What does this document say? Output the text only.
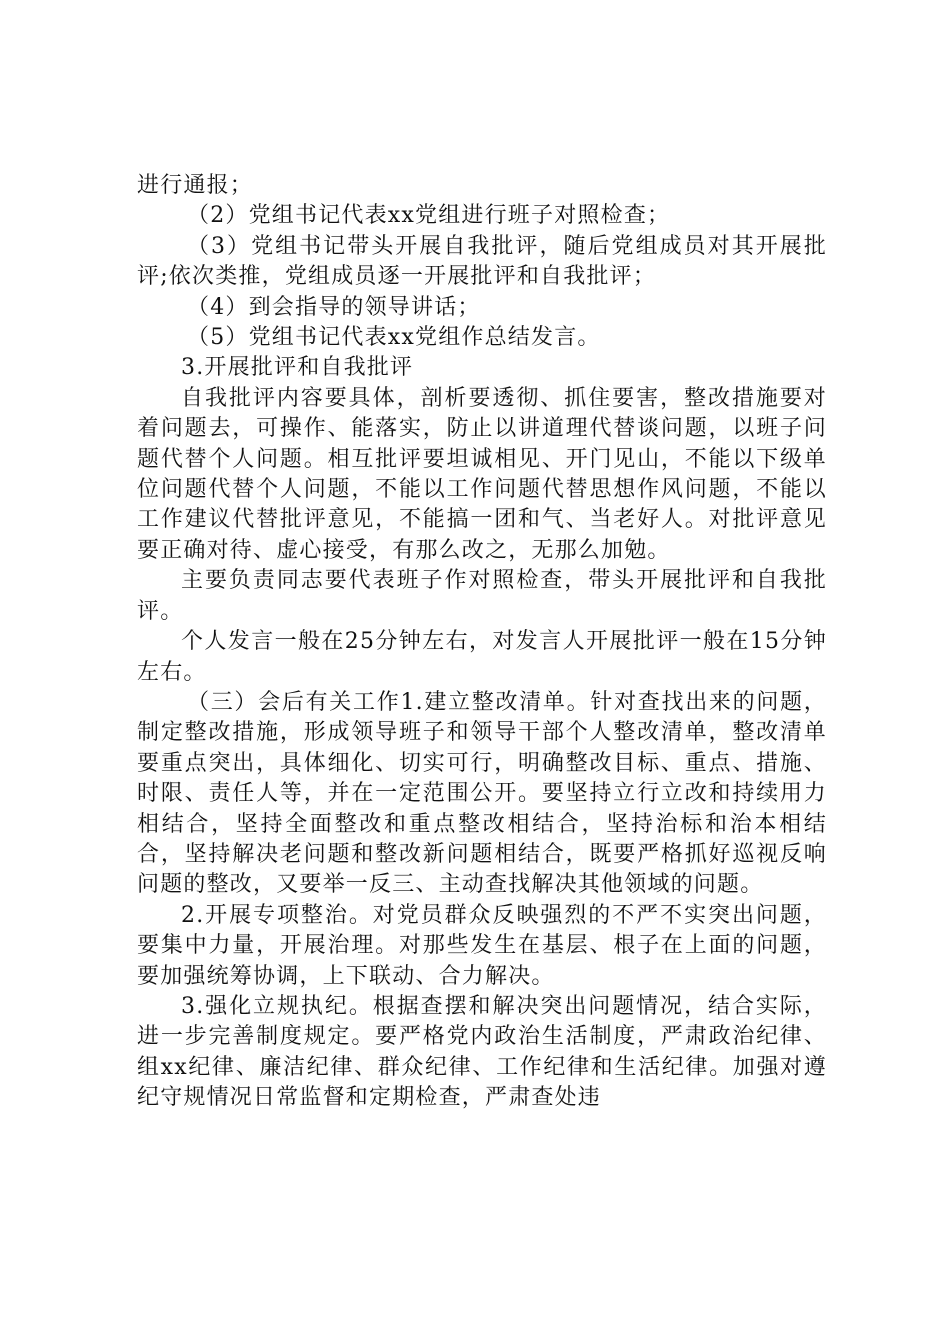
进行通报；

（2）党组书记代表xx党组进行班子对照检查；

（3）党组书记带头开展自我批评，随后党组成员对其开展批评;依次类推，党组成员逐一开展批评和自我批评；

（4）到会指导的领导讲话；

（5）党组书记代表xx党组作总结发言。

3.开展批评和自我批评

自我批评内容要具体，剖析要透彻、抓住要害，整改措施要对着问题去，可操作、能落实，防止以讲道理代替谈问题，以班子问题代替个人问题。相互批评要坦诚相见、开门见山，不能以下级单位问题代替个人问题，不能以工作问题代替思想作风问题，不能以工作建议代替批评意见，不能搞一团和气、当老好人。对批评意见要正确对待、虚心接受，有那么改之，无那么加勉。

主要负责同志要代表班子作对照检查，带头开展批评和自我批评。

个人发言一般在25分钟左右，对发言人开展批评一般在15分钟左右。

（三）会后有关工作1.建立整改清单。针对查找出来的问题，制定整改措施，形成领导班子和领导干部个人整改清单，整改清单要重点突出，具体细化、切实可行，明确整改目标、重点、措施、时限、责任人等，并在一定范围公开。要坚持立行立改和持续用力相结合，坚持全面整改和重点整改相结合，坚持治标和治本相结合，坚持解决老问题和整改新问题相结合，既要严格抓好巡视反响问题的整改，又要举一反三、主动查找解决其他领域的问题。

2.开展专项整治。对党员群众反映强烈的不严不实突出问题，要集中力量，开展治理。对那些发生在基层、根子在上面的问题，要加强统筹协调，上下联动、合力解决。

3.强化立规执纪。根据查摆和解决突出问题情况，结合实际，进一步完善制度规定。要严格党内政治生活制度，严肃政治纪律、组xx纪律、廉洁纪律、群众纪律、工作纪律和生活纪律。加强对遵纪守规情况日常监督和定期检查，严肃查处违
